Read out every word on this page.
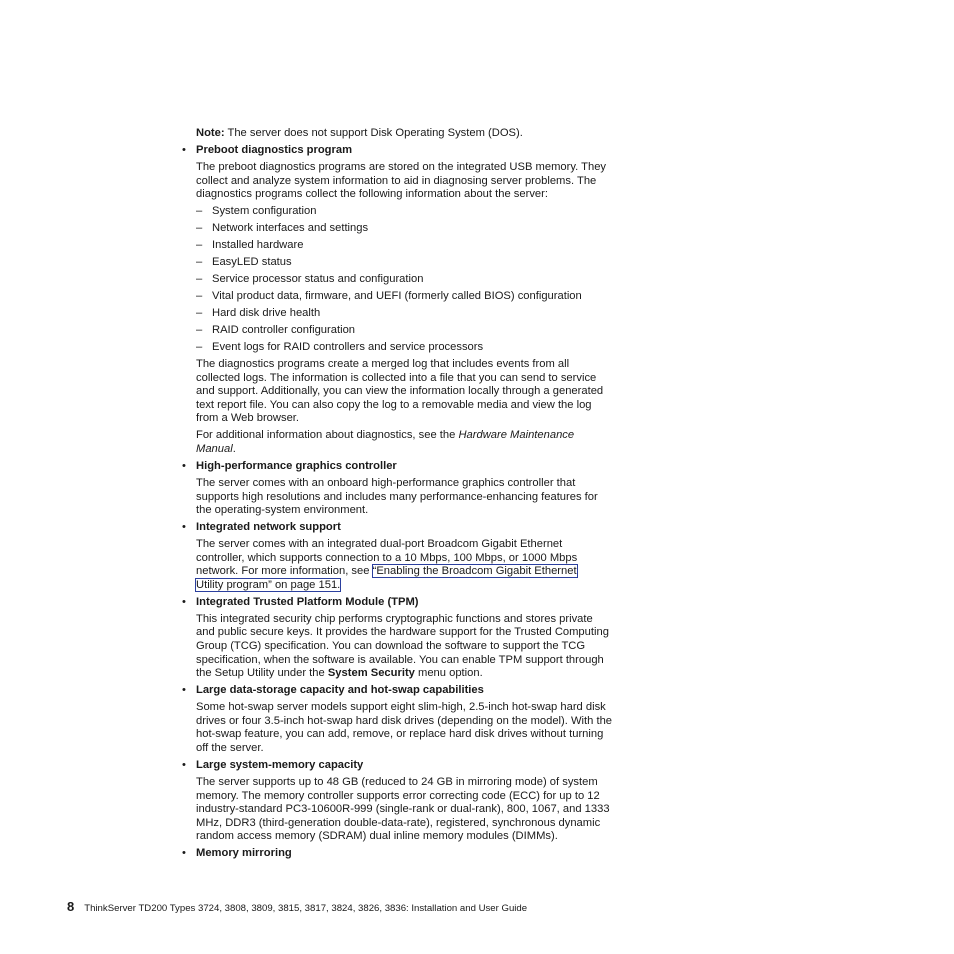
Note: The server does not support Disk Operating System (DOS).

• Preboot diagnostics program

The preboot diagnostics programs are stored on the integrated USB memory. They collect and analyze system information to aid in diagnosing server problems. The diagnostics programs collect the following information about the server:

– System configuration
– Network interfaces and settings
– Installed hardware
– EasyLED status
– Service processor status and configuration
– Vital product data, firmware, and UEFI (formerly called BIOS) configuration
– Hard disk drive health
– RAID controller configuration
– Event logs for RAID controllers and service processors

The diagnostics programs create a merged log that includes events from all collected logs. The information is collected into a file that you can send to service and support. Additionally, you can view the information locally through a generated text report file. You can also copy the log to a removable media and view the log from a Web browser.

For additional information about diagnostics, see the Hardware Maintenance Manual.

• High-performance graphics controller

The server comes with an onboard high-performance graphics controller that supports high resolutions and includes many performance-enhancing features for the operating-system environment.

• Integrated network support

The server comes with an integrated dual-port Broadcom Gigabit Ethernet controller, which supports connection to a 10 Mbps, 100 Mbps, or 1000 Mbps network. For more information, see “Enabling the Broadcom Gigabit Ethernet
Utility program” on page 151.

• Integrated Trusted Platform Module (TPM)

This integrated security chip performs cryptographic functions and stores private and public secure keys. It provides the hardware support for the Trusted Computing Group (TCG) specification. You can download the software to support the TCG specification, when the software is available. You can enable TPM support through the Setup Utility under the System Security menu option.

• Large data-storage capacity and hot-swap capabilities

Some hot-swap server models support eight slim-high, 2.5-inch hot-swap hard disk drives or four 3.5-inch hot-swap hard disk drives (depending on the model). With the hot-swap feature, you can add, remove, or replace hard disk drives without turning off the server.

• Large system-memory capacity

The server supports up to 48 GB (reduced to 24 GB in mirroring mode) of system memory. The memory controller supports error correcting code (ECC) for up to 12 industry-standard PC3-10600R-999 (single-rank or dual-rank), 800, 1067, and 1333 MHz, DDR3 (third-generation double-data-rate), registered, synchronous dynamic random access memory (SDRAM) dual inline memory modules (DIMMs).

• Memory mirroring
8 ThinkServer TD200 Types 3724, 3808, 3809, 3815, 3817, 3824, 3826, 3836: Installation and User Guide
